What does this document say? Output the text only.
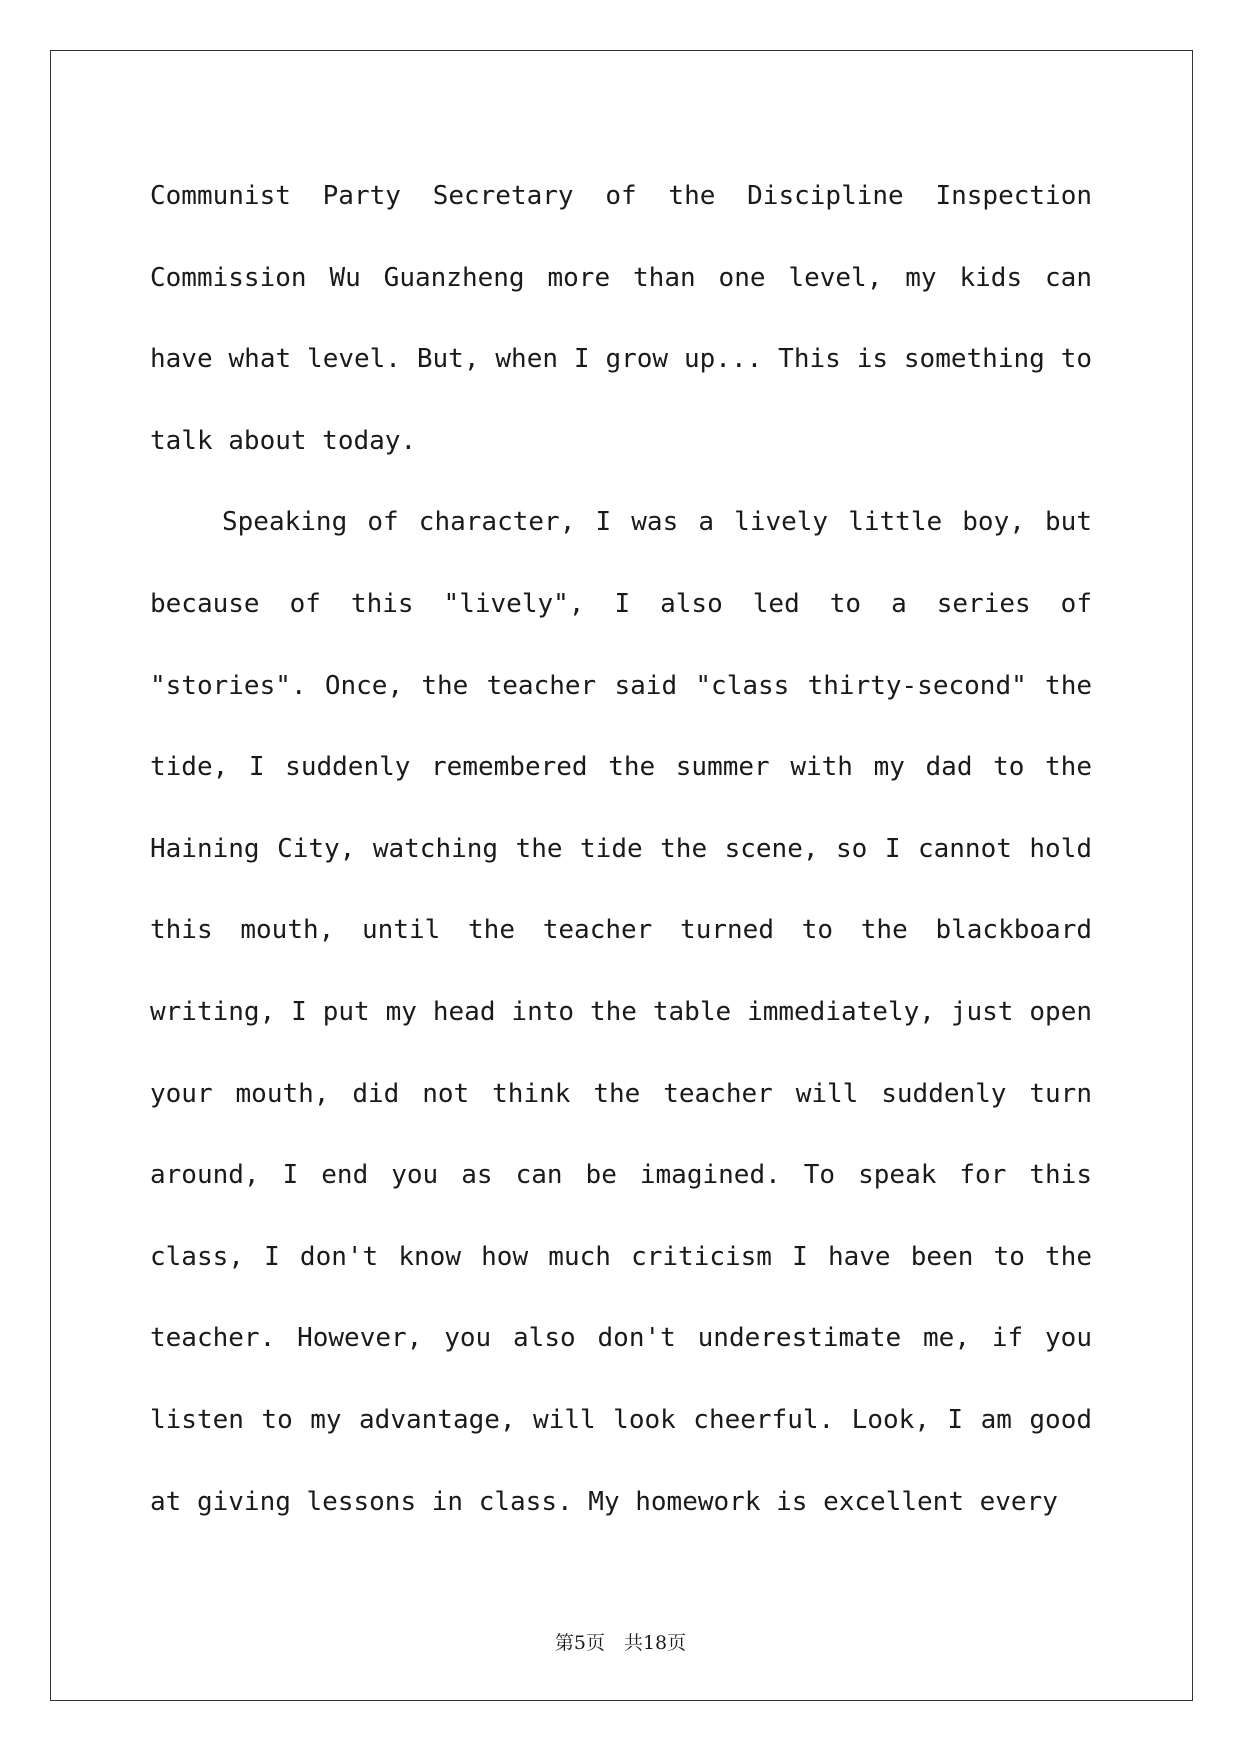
Communist Party Secretary of the Discipline Inspection Commission Wu Guanzheng more than one level, my kids can have what level. But, when I grow up... This is something to talk about today.

Speaking of character, I was a lively little boy, but because of this "lively", I also led to a series of "stories". Once, the teacher said "class thirty-second" the tide, I suddenly remembered the summer with my dad to the Haining City, watching the tide the scene, so I cannot hold this mouth, until the teacher turned to the blackboard writing, I put my head into the table immediately, just open your mouth, did not think the teacher will suddenly turn around, I end you as can be imagined. To speak for this class, I don't know how much criticism I have been to the teacher. However, you also don't underestimate me, if you listen to my advantage, will look cheerful. Look, I am good at giving lessons in class. My homework is excellent every

第5页　共18页
